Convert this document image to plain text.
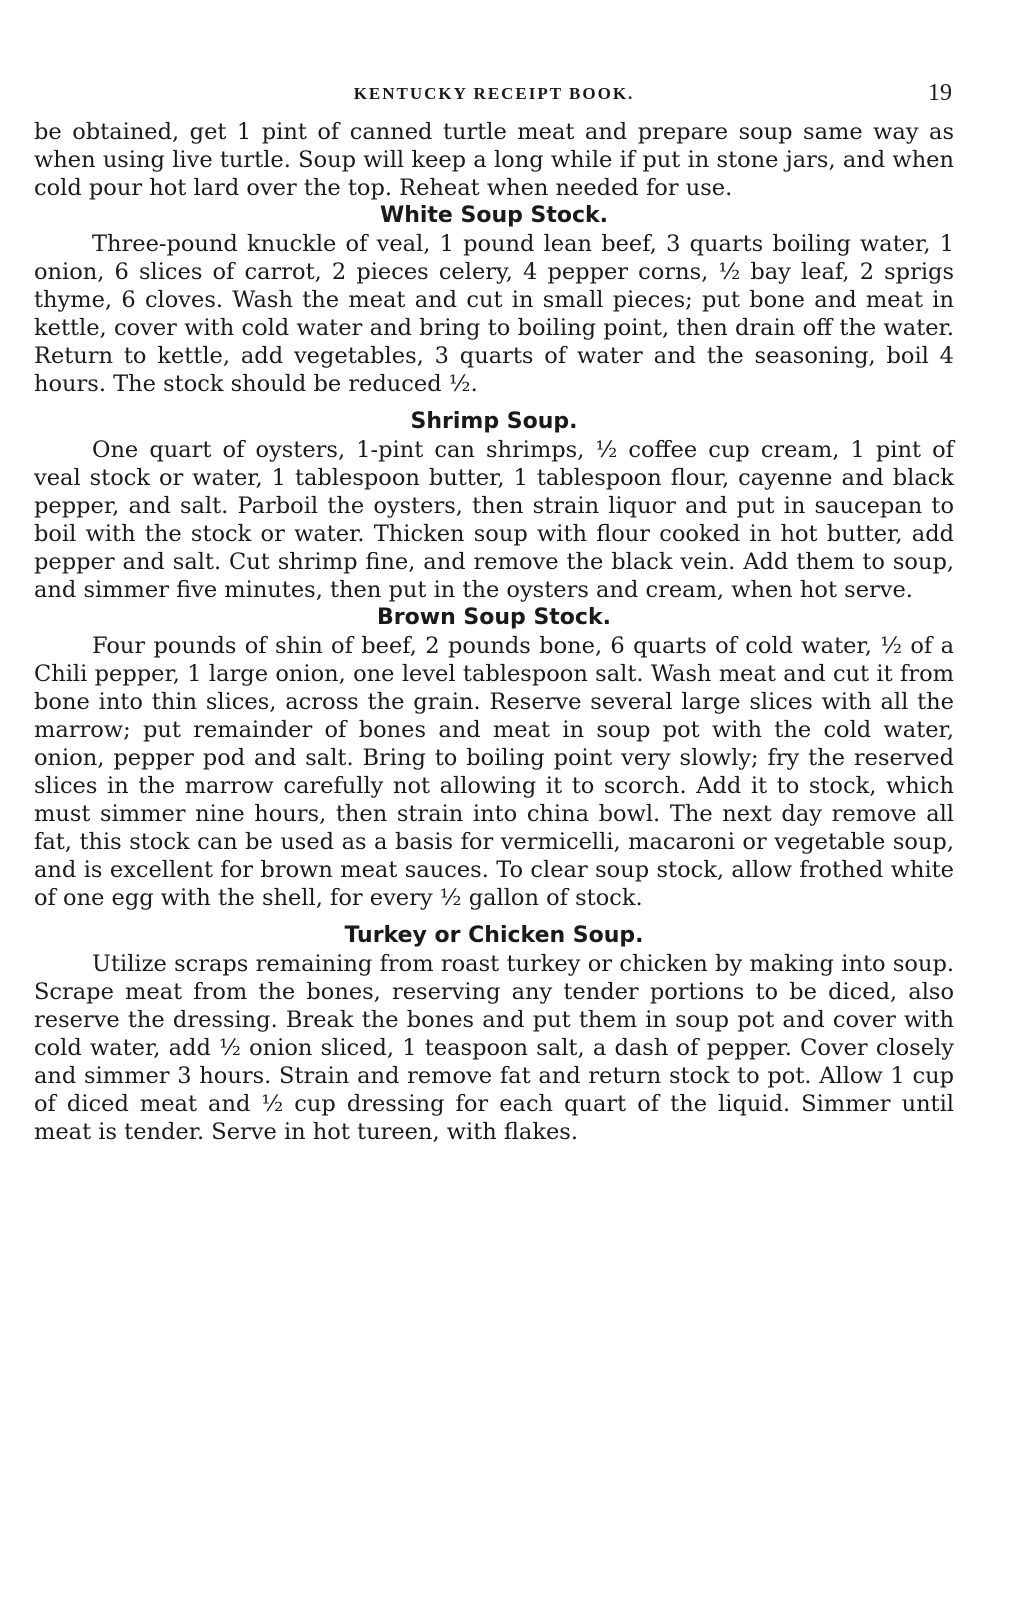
KENTUCKY RECEIPT BOOK.	19

be obtained, get 1 pint of canned turtle meat and prepare soup same way as when using live turtle. Soup will keep a long while if put in stone jars, and when cold pour hot lard over the top. Reheat when needed for use.

White Soup Stock.

Three-pound knuckle of veal, 1 pound lean beef, 3 quarts boiling water, 1 onion, 6 slices of carrot, 2 pieces celery, 4 pepper corns, ½ bay leaf, 2 sprigs thyme, 6 cloves. Wash the meat and cut in small pieces; put bone and meat in kettle, cover with cold water and bring to boiling point, then drain off the water. Return to kettle, add vegetables, 3 quarts of water and the seasoning, boil 4 hours. The stock should be reduced ½.

Shrimp Soup.

One quart of oysters, 1-pint can shrimps, ½ coffee cup cream, 1 pint of veal stock or water, 1 tablespoon butter, 1 tablespoon flour, cayenne and black pepper, and salt. Parboil the oysters, then strain liquor and put in saucepan to boil with the stock or water. Thicken soup with flour cooked in hot butter, add pepper and salt. Cut shrimp fine, and remove the black vein. Add them to soup, and simmer five minutes, then put in the oysters and cream, when hot serve.

Brown Soup Stock.

Four pounds of shin of beef, 2 pounds bone, 6 quarts of cold water, ½ of a Chili pepper, 1 large onion, one level tablespoon salt. Wash meat and cut it from bone into thin slices, across the grain. Reserve several large slices with all the marrow; put remainder of bones and meat in soup pot with the cold water, onion, pepper pod and salt. Bring to boiling point very slowly; fry the reserved slices in the marrow carefully not allowing it to scorch. Add it to stock, which must simmer nine hours, then strain into china bowl. The next day remove all fat, this stock can be used as a basis for vermicelli, macaroni or vegetable soup, and is excellent for brown meat sauces. To clear soup stock, allow frothed white of one egg with the shell, for every ½ gallon of stock.

Turkey or Chicken Soup.

Utilize scraps remaining from roast turkey or chicken by making into soup. Scrape meat from the bones, reserving any tender portions to be diced, also reserve the dressing. Break the bones and put them in soup pot and cover with cold water, add ½ onion sliced, 1 teaspoon salt, a dash of pepper. Cover closely and simmer 3 hours. Strain and remove fat and return stock to pot. Allow 1 cup of diced meat and ½ cup dressing for each quart of the liquid. Simmer until meat is tender. Serve in hot tureen, with flakes.
